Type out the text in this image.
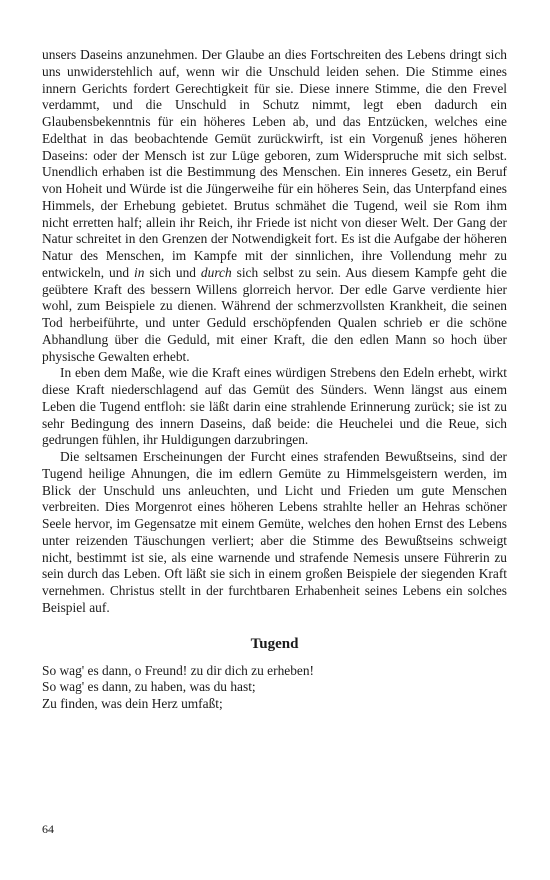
unsers Daseins anzunehmen. Der Glaube an dies Fortschreiten des Lebens dringt sich uns unwiderstehlich auf, wenn wir die Unschuld leiden sehen. Die Stimme eines innern Gerichts fordert Gerechtigkeit für sie. Diese innere Stimme, die den Frevel verdammt, und die Unschuld in Schutz nimmt, legt eben dadurch ein Glaubensbekenntnis für ein höheres Leben ab, und das Entzücken, welches eine Edelthat in das beobachtende Gemüt zurückwirft, ist ein Vorgenuß jenes höheren Daseins: oder der Mensch ist zur Lüge geboren, zum Widerspruche mit sich selbst. Unendlich erhaben ist die Bestimmung des Menschen. Ein inneres Gesetz, ein Beruf von Hoheit und Würde ist die Jüngerweihe für ein höheres Sein, das Unterpfand eines Himmels, der Erhebung gebietet. Brutus schmähet die Tugend, weil sie Rom ihm nicht erretten half; allein ihr Reich, ihr Friede ist nicht von dieser Welt. Der Gang der Natur schreitet in den Grenzen der Notwendigkeit fort. Es ist die Aufgabe der höheren Natur des Menschen, im Kampfe mit der sinnlichen, ihre Vollendung mehr zu entwickeln, und in sich und durch sich selbst zu sein. Aus diesem Kampfe geht die geübtere Kraft des bessern Willens glorreich hervor. Der edle Garve verdiente hier wohl, zum Beispiele zu dienen. Während der schmerzvollsten Krankheit, die seinen Tod herbeiführte, und unter Geduld erschöpfenden Qualen schrieb er die schöne Abhandlung über die Geduld, mit einer Kraft, die den edlen Mann so hoch über physische Gewalten erhebt.

In eben dem Maße, wie die Kraft eines würdigen Strebens den Edeln erhebt, wirkt diese Kraft niederschlagend auf das Gemüt des Sünders. Wenn längst aus einem Leben die Tugend entfloh: sie läßt darin eine strahlende Erinnerung zurück; sie ist zu sehr Bedingung des innern Daseins, daß beide: die Heuchelei und die Reue, sich gedrungen fühlen, ihr Huldigungen darzubringen.

Die seltsamen Erscheinungen der Furcht eines strafenden Bewußtseins, sind der Tugend heilige Ahnungen, die im edlern Gemüte zu Himmelsgeistern werden, im Blick der Unschuld uns anleuchten, und Licht und Frieden um gute Menschen verbreiten. Dies Morgenrot eines höheren Lebens strahlte heller an Hehras schöner Seele hervor, im Gegensatze mit einem Gemüte, welches den hohen Ernst des Lebens unter reizenden Täuschungen verliert; aber die Stimme des Bewußtseins schweigt nicht, bestimmt ist sie, als eine warnende und strafende Nemesis unsere Führerin zu sein durch das Leben. Oft läßt sie sich in einem großen Beispiele der siegenden Kraft vernehmen. Christus stellt in der furchtbaren Erhabenheit seines Lebens ein solches Beispiel auf.

Tugend
So wag' es dann, o Freund! zu dir dich zu erheben!
So wag' es dann, zu haben, was du hast;
Zu finden, was dein Herz umfaßt;
64
